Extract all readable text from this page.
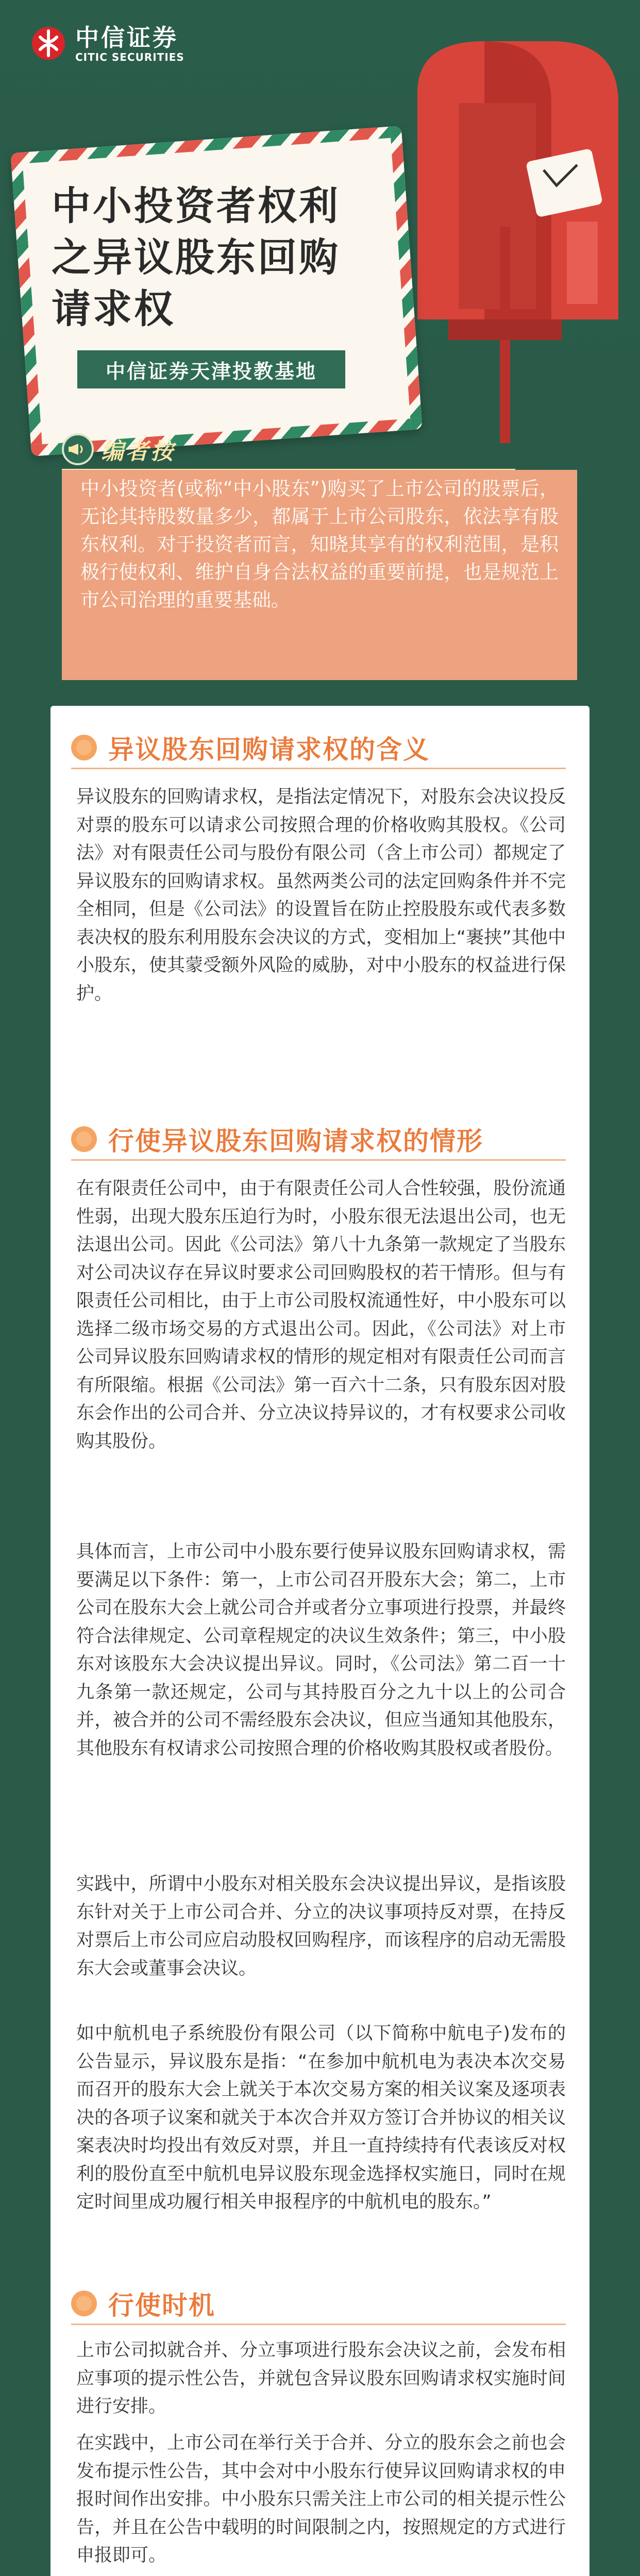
中信证券
CITIC SECURITIES
中小投资者权利
之异议股东回购
请求权
中信证券天津投教基地
编者按
中小投资者(或称“中小股东”)购买了上市公司的股票后，无论其持股数量多少，都属于上市公司股东，依法享有股东权利。对于投资者而言，知晓其享有的权利范围，是积极行使权利、维护自身合法权益的重要前提，也是规范上市公司治理的重要基础。
异议股东回购请求权的含义
异议股东的回购请求权，是指法定情况下，对股东会决议投反对票的股东可以请求公司按照合理的价格收购其股权。《公司法》对有限责任公司与股份有限公司（含上市公司）都规定了异议股东的回购请求权。虽然两类公司的法定回购条件并不完全相同，但是《公司法》的设置旨在防止控股股东或代表多数表决权的股东利用股东会决议的方式，变相加上“裹挟”其他中小股东，使其蒙受额外风险的威胁，对中小股东的权益进行保护。
行使异议股东回购请求权的情形
在有限责任公司中，由于有限责任公司人合性较强，股份流通性弱，出现大股东压迫行为时，小股东很无法退出公司，也无法退出公司。因此《公司法》第八十九条第一款规定了当股东对公司决议存在异议时要求公司回购股权的若干情形。但与有限责任公司相比，由于上市公司股权流通性好，中小股东可以选择二级市场交易的方式退出公司。因此，《公司法》对上市公司异议股东回购请求权的情形的规定相对有限责任公司而言有所限缩。根据《公司法》第一百六十二条，只有股东因对股东会作出的公司合并、分立决议持异议的，才有权要求公司收购其股份。
具体而言，上市公司中小股东要行使异议股东回购请求权，需要满足以下条件：第一，上市公司召开股东大会；第二，上市公司在股东大会上就公司合并或者分立事项进行投票，并最终符合法律规定、公司章程规定的决议生效条件；第三，中小股东对该股东大会决议提出异议。同时，《公司法》第二百一十九条第一款还规定，公司与其持股百分之九十以上的公司合并，被合并的公司不需经股东会决议，但应当通知其他股东，其他股东有权请求公司按照合理的价格收购其股权或者股份。
实践中，所谓中小股东对相关股东会决议提出异议，是指该股东针对关于上市公司合并、分立的决议事项持反对票，在持反对票后上市公司应启动股权回购程序，而该程序的启动无需股东大会或董事会决议。
如中航机电子系统股份有限公司（以下简称中航电子)发布的公告显示，异议股东是指：“在参加中航机电为表决本次交易而召开的股东大会上就关于本次交易方案的相关议案及逐项表决的各项子议案和就关于本次合并双方签订合并协议的相关议案表决时均投出有效反对票，并且一直持续持有代表该反对权利的股份直至中航机电异议股东现金选择权实施日，同时在规定时间里成功履行相关申报程序的中航机电的股东。”
行使时机
上市公司拟就合并、分立事项进行股东会决议之前，会发布相应事项的提示性公告，并就包含异议股东回购请求权实施时间进行安排。
在实践中，上市公司在举行关于合并、分立的股东会之前也会发布提示性公告，其中会对中小股东行使异议回购请求权的申报时间作出安排。中小股东只需关注上市公司的相关提示性公告，并且在公告中载明的时间限制之内，按照规定的方式进行申报即可。
